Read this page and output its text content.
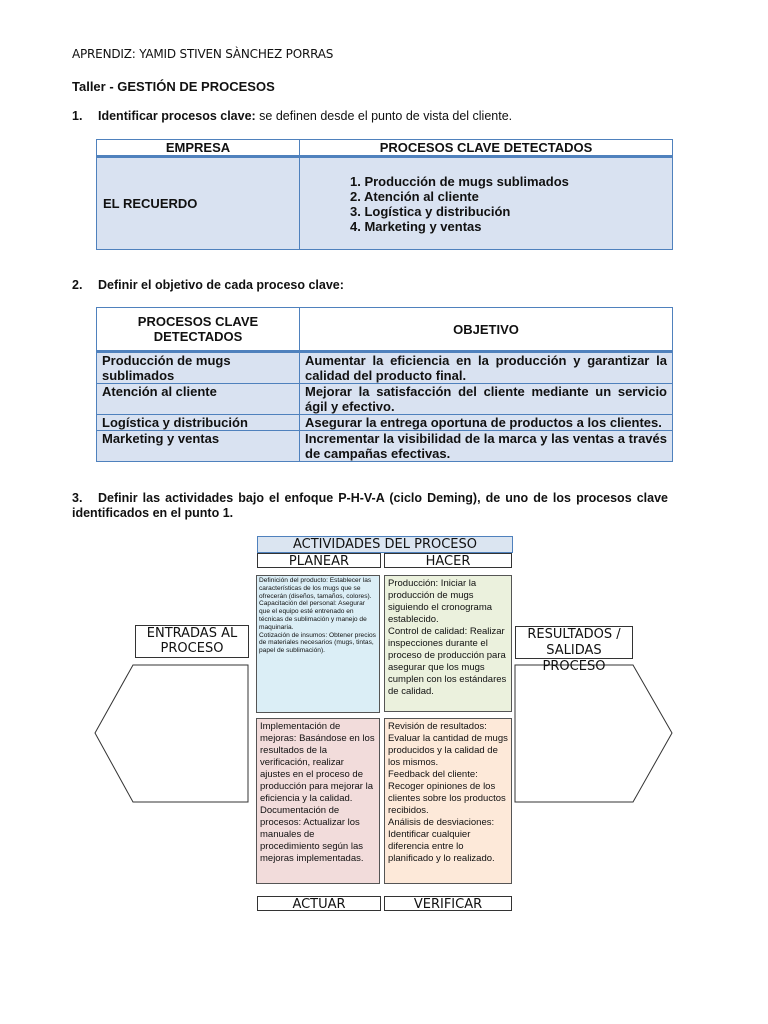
APRENDIZ: YAMID STIVEN SÀNCHEZ PORRAS
Taller - GESTIÓN DE PROCESOS
1. Identificar procesos clave: se definen desde el punto de vista del cliente.
EMPRESA	PROCESOS CLAVE DETECTADOS
EL RECUERDO	1. Producción de mugs sublimados
2. Atención al cliente
3. Logística y distribución
4. Marketing y ventas
2. Definir el objetivo de cada proceso clave:
PROCESOS CLAVE DETECTADOS	OBJETIVO
Producción de mugs sublimados	Aumentar la eficiencia en la producción y garantizar la calidad del producto final.
Atención al cliente	Mejorar la satisfacción del cliente mediante un servicio ágil y efectivo.
Logística y distribución	Asegurar la entrega oportuna de productos a los clientes.
Marketing y ventas	Incrementar la visibilidad de la marca y las ventas a través de campañas efectivas.
3. Definir las actividades bajo el enfoque P-H-V-A (ciclo Deming), de uno de los procesos clave identificados en el punto 1.
ACTIVIDADES DEL PROCESO
PLANEAR	HACER
ENTRADAS AL PROCESO
RESULTADOS / SALIDAS PROCESO
Definición del producto: Establecer las características de los mugs que se ofrecerán (diseños, tamaños, colores).
Capacitación del personal: Asegurar que el equipo esté entrenado en técnicas de sublimación y manejo de maquinaria.
Cotización de insumos: Obtener precios de materiales necesarios (mugs, tintas, papel de sublimación).
Producción: Iniciar la producción de mugs siguiendo el cronograma establecido.
Control de calidad: Realizar inspecciones durante el proceso de producción para asegurar que los mugs cumplen con los estándares de calidad.
Implementación de mejoras: Basándose en los resultados de la verificación, realizar ajustes en el proceso de producción para mejorar la eficiencia y la calidad.
Documentación de procesos: Actualizar los manuales de procedimiento según las mejoras implementadas.
Revisión de resultados: Evaluar la cantidad de mugs producidos y la calidad de los mismos.
Feedback del cliente: Recoger opiniones de los clientes sobre los productos recibidos.
Análisis de desviaciones: Identificar cualquier diferencia entre lo planificado y lo realizado.
ACTUAR	VERIFICAR
